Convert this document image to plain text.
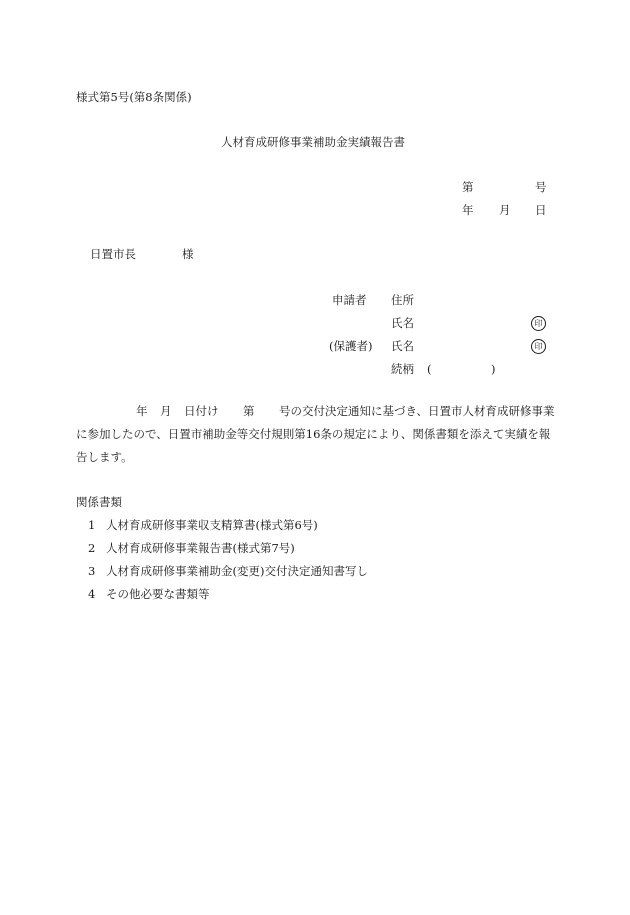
様式第5号(第8条関係)
人材育成研修事業補助金実績報告書
第	号
年 月 日
日置市長	様
申請者 住所
氏名	印
(保護者) 氏名	印
続柄 (	)
年 月 日付け 第 号の交付決定通知に基づき、日置市人材育成研修事業
に参加したので、日置市補助金等交付規則第16条の規定により、関係書類を添えて実績を報
告します。
関係書類
1 人材育成研修事業収支精算書(様式第6号)
2 人材育成研修事業報告書(様式第7号)
3 人材育成研修事業補助金(変更)交付決定通知書写し
4 その他必要な書類等
